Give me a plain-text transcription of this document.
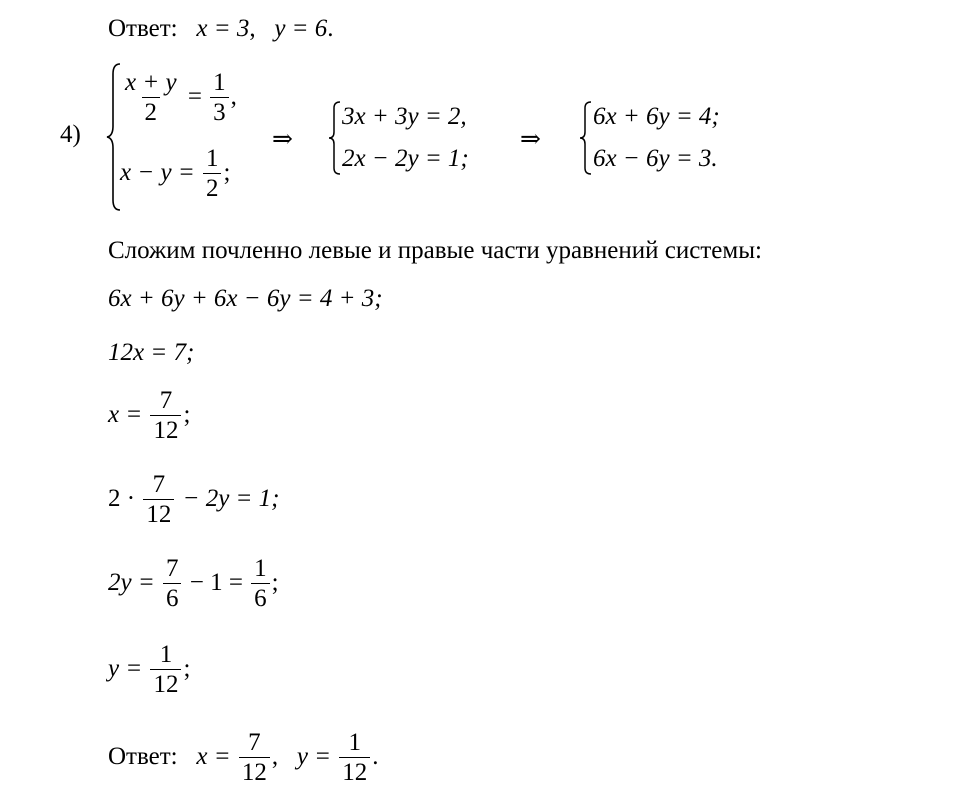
Ответ: x = 3, y = 6.
4)
$\frac{x + y}{2} = \frac{1}{3}$ ,
$x - y = \frac{1}{2}$ ;
⇒
3x + 3y = 2,
2x − 2y = 1;
⇒
6x + 6y = 4;
6x − 6y = 3.
Сложим почленно левые и правые части уравнений системы:
6x + 6y + 6x − 6y = 4 + 3;
12x = 7;
$x = \frac{7}{12}$ ;
$2 \cdot \frac{7}{12} - 2y = 1$;
$2y = \frac{7}{6} - 1 = \frac{1}{6}$ ;
$y = \frac{1}{12}$ ;
Ответ: $x = \frac{7}{12}$ , $y = \frac{1}{12}$ .
